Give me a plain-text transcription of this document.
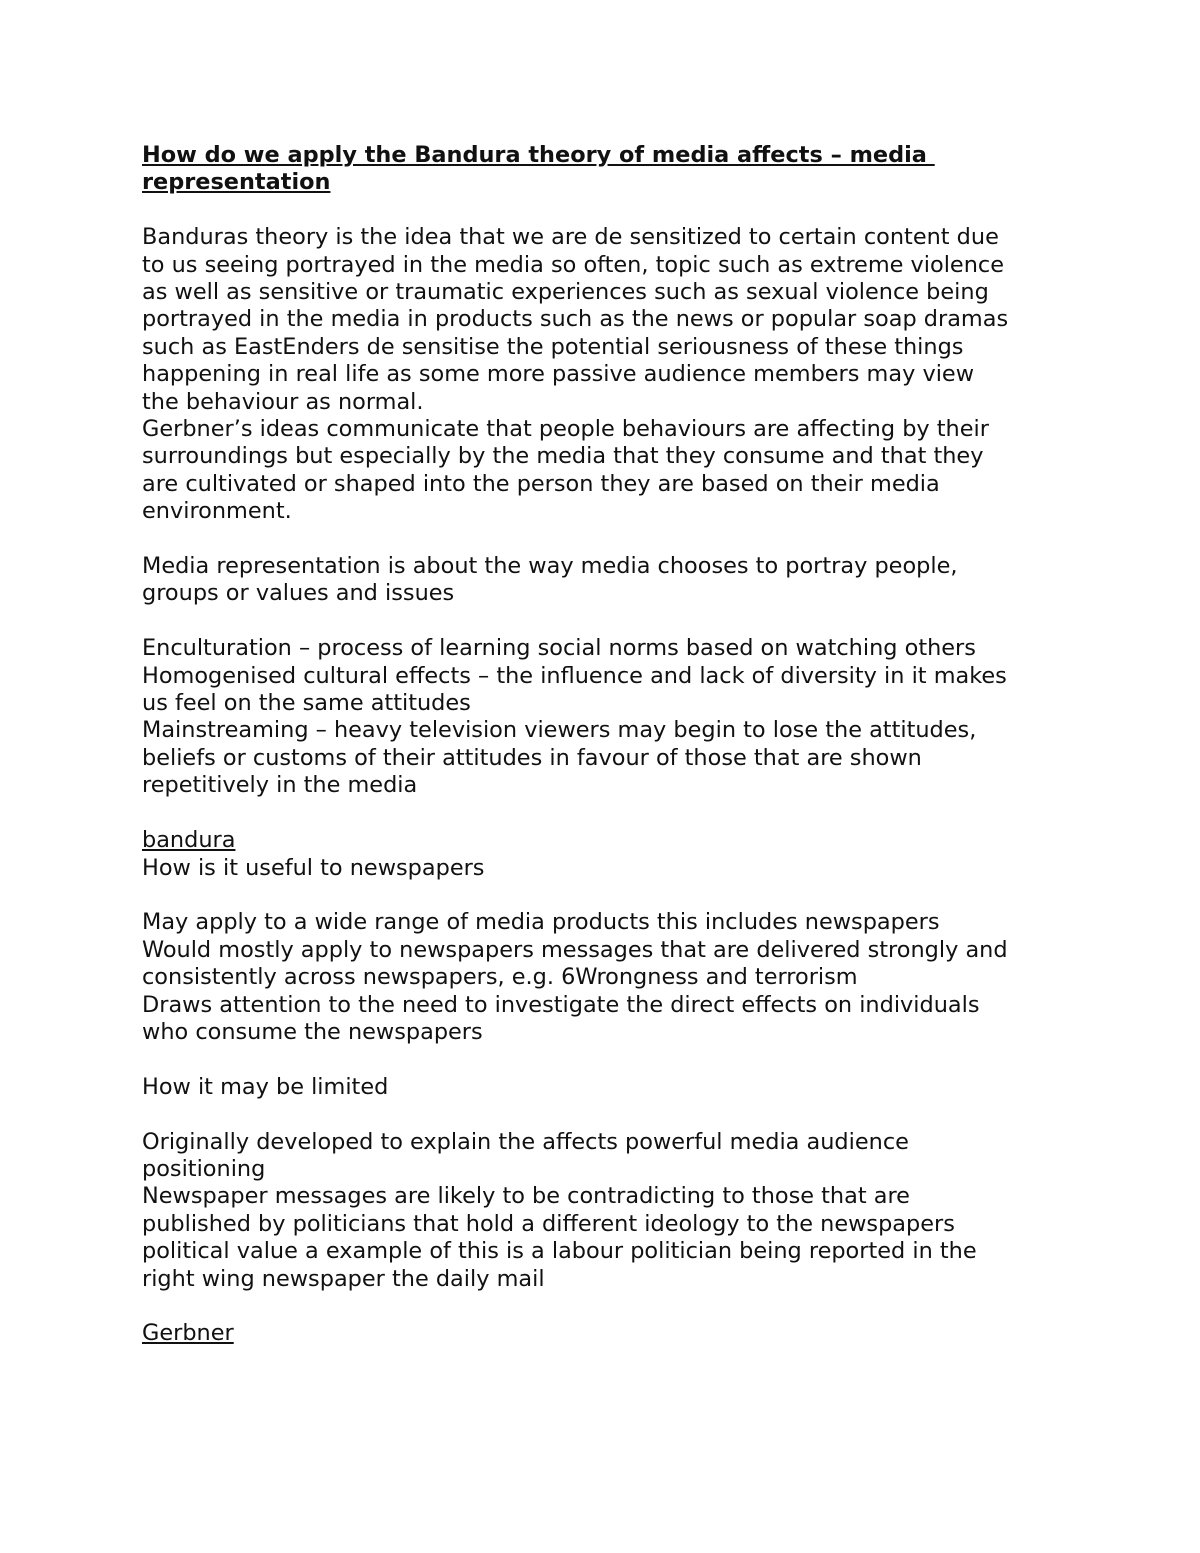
How do we apply the Bandura theory of media affects – media
representation
Banduras theory is the idea that we are de sensitized to certain content due
to us seeing portrayed in the media so often, topic such as extreme violence
as well as sensitive or traumatic experiences such as sexual violence being
portrayed in the media in products such as the news or popular soap dramas
such as EastEnders de sensitise the potential seriousness of these things
happening in real life as some more passive audience members may view
the behaviour as normal.
Gerbner’s ideas communicate that people behaviours are affecting by their
surroundings but especially by the media that they consume and that they
are cultivated or shaped into the person they are based on their media
environment.
Media representation is about the way media chooses to portray people,
groups or values and issues
Enculturation – process of learning social norms based on watching others
Homogenised cultural effects – the influence and lack of diversity in it makes
us feel on the same attitudes
Mainstreaming – heavy television viewers may begin to lose the attitudes,
beliefs or customs of their attitudes in favour of those that are shown
repetitively in the media
bandura
How is it useful to newspapers
May apply to a wide range of media products this includes newspapers
Would mostly apply to newspapers messages that are delivered strongly and
consistently across newspapers, e.g. 6Wrongness and terrorism
Draws attention to the need to investigate the direct effects on individuals
who consume the newspapers
How it may be limited
Originally developed to explain the affects powerful media audience
positioning
Newspaper messages are likely to be contradicting to those that are
published by politicians that hold a different ideology to the newspapers
political value a example of this is a labour politician being reported in the
right wing newspaper the daily mail
Gerbner
